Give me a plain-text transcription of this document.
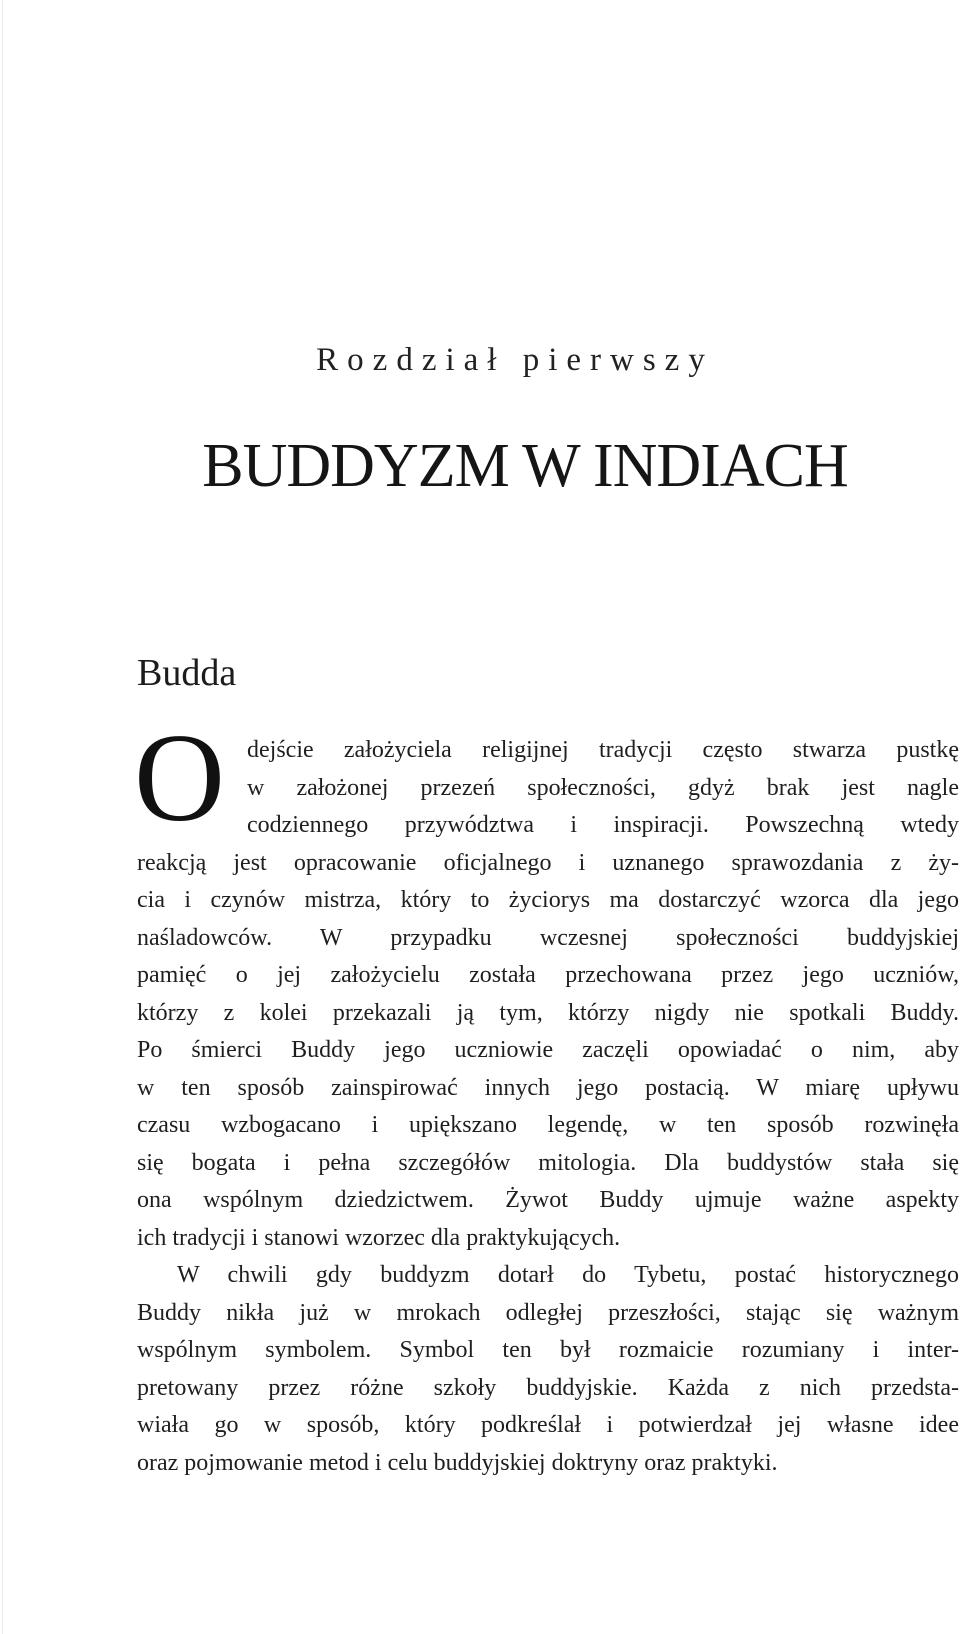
Rozdział pierwszy
BUDDYZM W INDIACH
Budda
O dejście założyciela religijnej tradycji często stwarza pustkę
w założonej przezeń społeczności, gdyż brak jest nagle
codziennego przywództwa i inspiracji. Powszechną wtedy
reakcją jest opracowanie oficjalnego i uznanego sprawozdania z ży-
cia i czynów mistrza, który to życiorys ma dostarczyć wzorca dla jego
naśladowców. W przypadku wczesnej społeczności buddyjskiej
pamięć o jej założycielu została przechowana przez jego uczniów,
którzy z kolei przekazali ją tym, którzy nigdy nie spotkali Buddy.
Po śmierci Buddy jego uczniowie zaczęli opowiadać o nim, aby
w ten sposób zainspirować innych jego postacią. W miarę upływu
czasu wzbogacano i upiększano legendę, w ten sposób rozwinęła
się bogata i pełna szczegółów mitologia. Dla buddystów stała się
ona wspólnym dziedzictwem. Żywot Buddy ujmuje ważne aspekty
ich tradycji i stanowi wzorzec dla praktykujących.
W chwili gdy buddyzm dotarł do Tybetu, postać historycznego
Buddy nikła już w mrokach odległej przeszłości, stając się ważnym
wspólnym symbolem. Symbol ten był rozmaicie rozumiany i inter-
pretowany przez różne szkoły buddyjskie. Każda z nich przedsta-
wiała go w sposób, który podkreślał i potwierdzał jej własne idee
oraz pojmowanie metod i celu buddyjskiej doktryny oraz praktyki.
